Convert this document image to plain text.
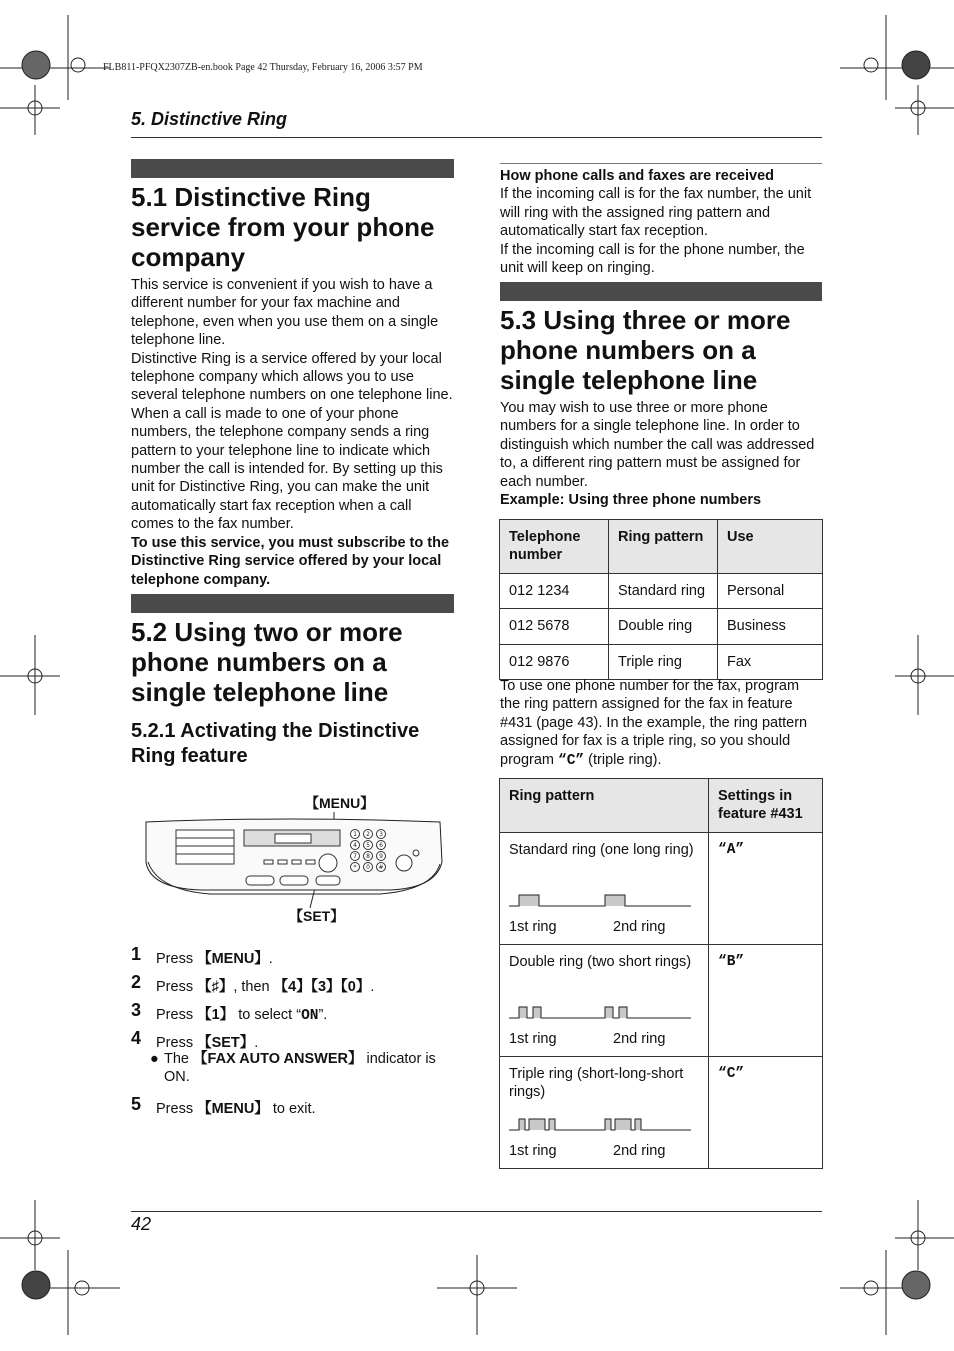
FLB811-PFQX2307ZB-en.book Page 42 Thursday, February 16, 2006 3:57 PM
5. Distinctive Ring
5.1 Distinctive Ring service from your phone company

This service is convenient if you wish to have a different number for your fax machine and telephone, even when you use them on a single telephone line.

Distinctive Ring is a service offered by your local telephone company which allows you to use several telephone numbers on one telephone line. When a call is made to one of your phone numbers, the telephone company sends a ring pattern to your telephone line to indicate which number the call is intended for. By setting up this unit for Distinctive Ring, you can make the unit automatically start fax reception when a call comes to the fax number.

To use this service, you must subscribe to the Distinctive Ring service offered by your local telephone company.

5.2 Using two or more phone numbers on a single telephone line
5.2.1 Activating the Distinctive Ring feature
【MENU】
【SET】
1 2 3
4 5 6
7 8 9
* 0 #
1 Press 【MENU】.
2 Press 【♯】, then 【4】【3】【0】.
3 Press 【1】 to select “ON”.
4 Press 【SET】.
5 Press 【MENU】 to exit.
● The 【FAX AUTO ANSWER】 indicator is
ON.

How phone calls and faxes are received

If the incoming call is for the fax number, the unit will ring with the assigned ring pattern and automatically start fax reception.

If the incoming call is for the phone number, the unit will keep on ringing.

5.3 Using three or more phone numbers on a single telephone line

You may wish to use three or more phone numbers for a single telephone line. In order to distinguish which number the call was addressed to, a different ring pattern must be assigned for each number.

Example: Using three phone numbers

Telephone number	Ring pattern	Use
012 1234	Standard ring	Personal
012 5678	Double ring	Business
012 9876	Triple ring	Fax
To use one phone number for the fax, program the ring pattern assigned for the fax in feature #431 (page 43). In the example, the ring pattern assigned for fax is a triple ring, so you should program “C” (triple ring).
Ring pattern	Settings in feature #431

Standard ring (one long ring)
1st ring 2nd ring	“A”

Double ring (two short rings)
1st ring 2nd ring	“B”

Triple ring (short-long-short rings)
1st ring 2nd ring	“C”
42
